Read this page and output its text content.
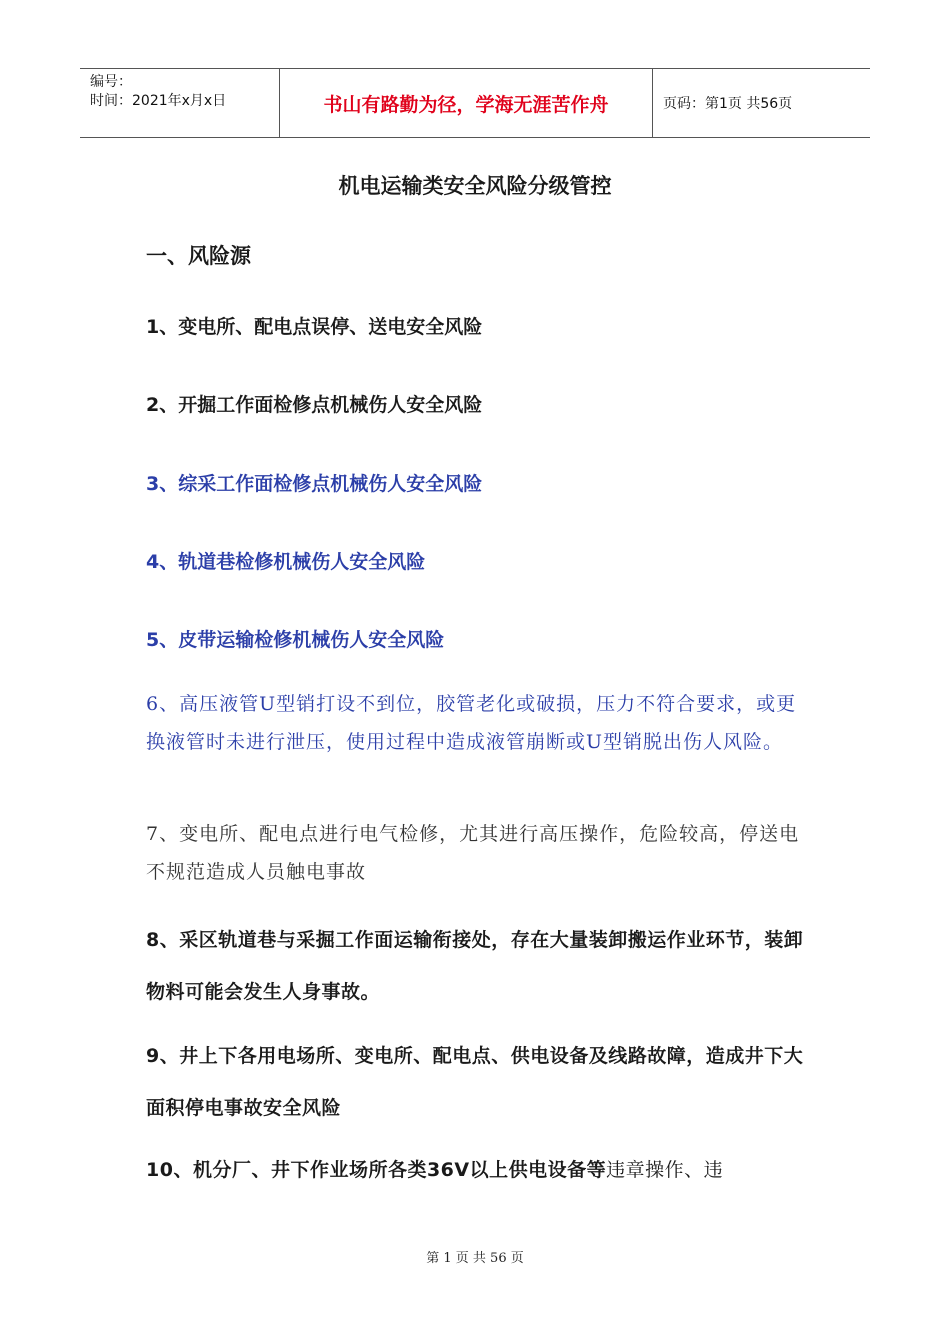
编号：
时间：2021年x月x日	书山有路勤为径，学海无涯苦作舟	页码：第1页 共56页
机电运输类安全风险分级管控
一、风险源
1、变电所、配电点误停、送电安全风险
2、开掘工作面检修点机械伤人安全风险
3、综采工作面检修点机械伤人安全风险
4、轨道巷检修机械伤人安全风险
5、皮带运输检修机械伤人安全风险
6、高压液管U型销打设不到位，胶管老化或破损，压力不符合要求，或更换液管时未进行泄压，使用过程中造成液管崩断或U型销脱出伤人风险。
7、变电所、配电点进行电气检修，尤其进行高压操作，危险较高，停送电不规范造成人员触电事故
8、采区轨道巷与采掘工作面运输衔接处，存在大量装卸搬运作业环节，装卸物料可能会发生人身事故。
9、井上下各用电场所、变电所、配电点、供电设备及线路故障，造成井下大面积停电事故安全风险
10、机分厂、井下作业场所各类36V以上供电设备等违章操作、违
第 1 页 共 56 页
